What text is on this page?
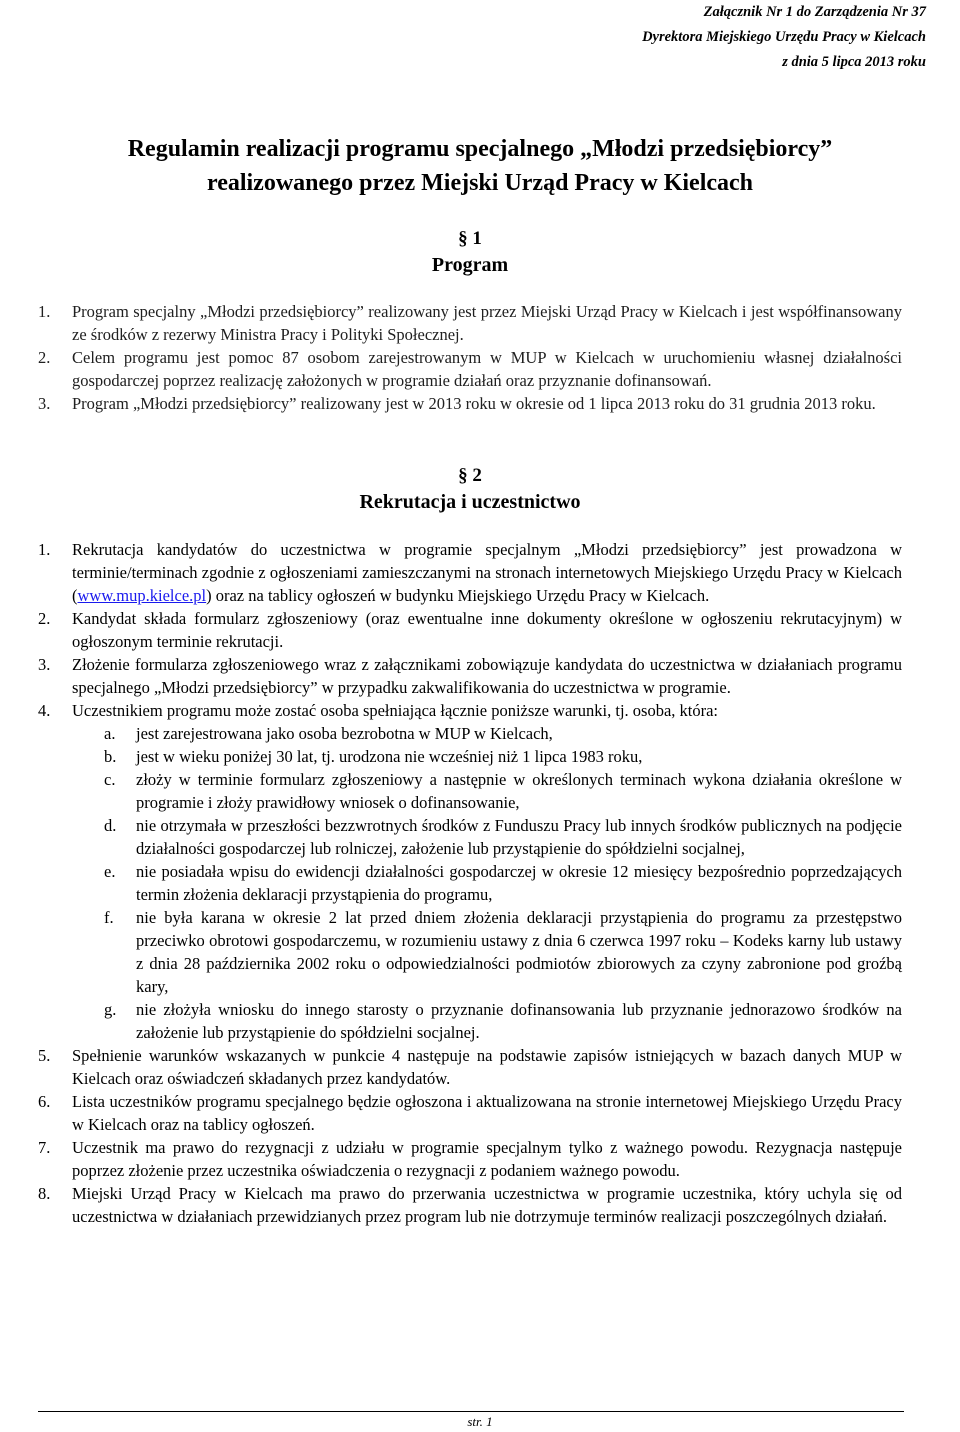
Załącznik Nr 1 do Zarządzenia Nr 37
Dyrektora Miejskiego Urzędu Pracy w Kielcach
z dnia 5 lipca 2013 roku
Regulamin realizacji programu specjalnego „Młodzi przedsiębiorcy”
realizowanego przez Miejski Urząd Pracy w Kielcach
§ 1
Program
1. Program specjalny „Młodzi przedsiębiorcy” realizowany jest przez Miejski Urząd Pracy w Kielcach i jest współfinansowany ze środków z rezerwy Ministra Pracy i Polityki Społecznej.
2. Celem programu jest pomoc 87 osobom zarejestrowanym w MUP w Kielcach w uruchomieniu własnej działalności gospodarczej poprzez realizację założonych w programie działań oraz przyznanie dofinansowań.
3. Program „Młodzi przedsiębiorcy” realizowany jest w 2013 roku w okresie od 1 lipca 2013 roku do 31 grudnia 2013 roku.
§ 2
Rekrutacja i uczestnictwo
1. Rekrutacja kandydatów do uczestnictwa w programie specjalnym „Młodzi przedsiębiorcy” jest prowadzona w terminie/terminach zgodnie z ogłoszeniami zamieszczanymi na stronach internetowych Miejskiego Urzędu Pracy w Kielcach (www.mup.kielce.pl) oraz na tablicy ogłoszeń w budynku Miejskiego Urzędu Pracy w Kielcach.
2. Kandydat składa formularz zgłoszeniowy (oraz ewentualne inne dokumenty określone w ogłoszeniu rekrutacyjnym) w ogłoszonym terminie rekrutacji.
3. Złożenie formularza zgłoszeniowego wraz z załącznikami zobowiązuje kandydata do uczestnictwa w działaniach programu specjalnego „Młodzi przedsiębiorcy” w przypadku zakwalifikowania do uczestnictwa w programie.
4. Uczestnikiem programu może zostać osoba spełniająca łącznie poniższe warunki, tj. osoba, która:
a. jest zarejestrowana jako osoba bezrobotna w MUP w Kielcach,
b. jest w wieku poniżej 30 lat, tj. urodzona nie wcześniej niż 1 lipca 1983 roku,
c. złoży w terminie formularz zgłoszeniowy a następnie w określonych terminach wykona działania określone w programie i złoży prawidłowy wniosek o dofinansowanie,
d. nie otrzymała w przeszłości bezzwrotnych środków z Funduszu Pracy lub innych środków publicznych na podjęcie działalności gospodarczej lub rolniczej, założenie lub przystąpienie do spółdzielni socjalnej,
e. nie posiadała wpisu do ewidencji działalności gospodarczej w okresie 12 miesięcy bezpośrednio poprzedzających termin złożenia deklaracji przystąpienia do programu,
f. nie była karana w okresie 2 lat przed dniem złożenia deklaracji przystąpienia do programu za przestępstwo przeciwko obrotowi gospodarczemu, w rozumieniu ustawy z dnia 6 czerwca 1997 roku – Kodeks karny lub ustawy z dnia 28 października 2002 roku o odpowiedzialności podmiotów zbiorowych za czyny zabronione pod groźbą kary,
g. nie złożyła wniosku do innego starosty o przyznanie dofinansowania lub przyznanie jednorazowo środków na założenie lub przystąpienie do spółdzielni socjalnej.
5. Spełnienie warunków wskazanych w punkcie 4 następuje na podstawie zapisów istniejących w bazach danych MUP w Kielcach oraz oświadczeń składanych przez kandydatów.
6. Lista uczestników programu specjalnego będzie ogłoszona i aktualizowana na stronie internetowej Miejskiego Urzędu Pracy w Kielcach oraz na tablicy ogłoszeń.
7. Uczestnik ma prawo do rezygnacji z udziału w programie specjalnym tylko z ważnego powodu. Rezygnacja następuje poprzez złożenie przez uczestnika oświadczenia o rezygnacji z podaniem ważnego powodu.
8. Miejski Urząd Pracy w Kielcach ma prawo do przerwania uczestnictwa w programie uczestnika, który uchyla się od uczestnictwa w działaniach przewidzianych przez program lub nie dotrzymuje terminów realizacji poszczególnych działań.
str. 1
